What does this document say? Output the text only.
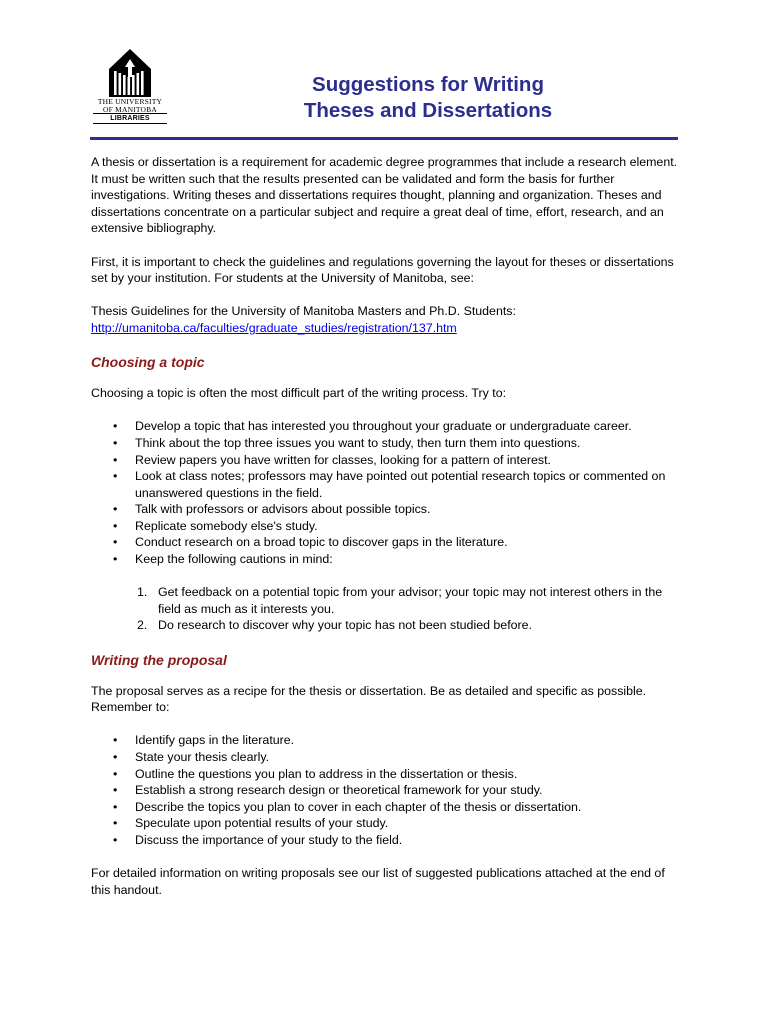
THE UNIVERSITY
OF MANITOBA
LIBRARIES
Suggestions for Writing
Theses and Dissertations

A thesis or dissertation is a requirement for academic degree programmes that include a research element. It must be written such that the results presented can be validated and form the basis for further investigations. Writing theses and dissertations requires thought, planning and organization. Theses and dissertations concentrate on a particular subject and require a great deal of time, effort, research, and an extensive bibliography.

First, it is important to check the guidelines and regulations governing the layout for theses or dissertations set by your institution. For students at the University of Manitoba, see:

Thesis Guidelines for the University of Manitoba Masters and Ph.D. Students:
http://umanitoba.ca/faculties/graduate_studies/registration/137.htm

Choosing a topic

Choosing a topic is often the most difficult part of the writing process. Try to:

• Develop a topic that has interested you throughout your graduate or undergraduate career.
• Think about the top three issues you want to study, then turn them into questions.
• Review papers you have written for classes, looking for a pattern of interest.
• Look at class notes; professors may have pointed out potential research topics or commented on unanswered questions in the field.
• Talk with professors or advisors about possible topics.
• Replicate somebody else's study.
• Conduct research on a broad topic to discover gaps in the literature.
• Keep the following cautions in mind:
1. Get feedback on a potential topic from your advisor; your topic may not interest others in the field as much as it interests you.
2. Do research to discover why your topic has not been studied before.
Writing the proposal

The proposal serves as a recipe for the thesis or dissertation. Be as detailed and specific as possible. Remember to:

• Identify gaps in the literature.
• State your thesis clearly.
• Outline the questions you plan to address in the dissertation or thesis.
• Establish a strong research design or theoretical framework for your study.
• Describe the topics you plan to cover in each chapter of the thesis or dissertation.
• Speculate upon potential results of your study.
• Discuss the importance of your study to the field.

For detailed information on writing proposals see our list of suggested publications attached at the end of this handout.
